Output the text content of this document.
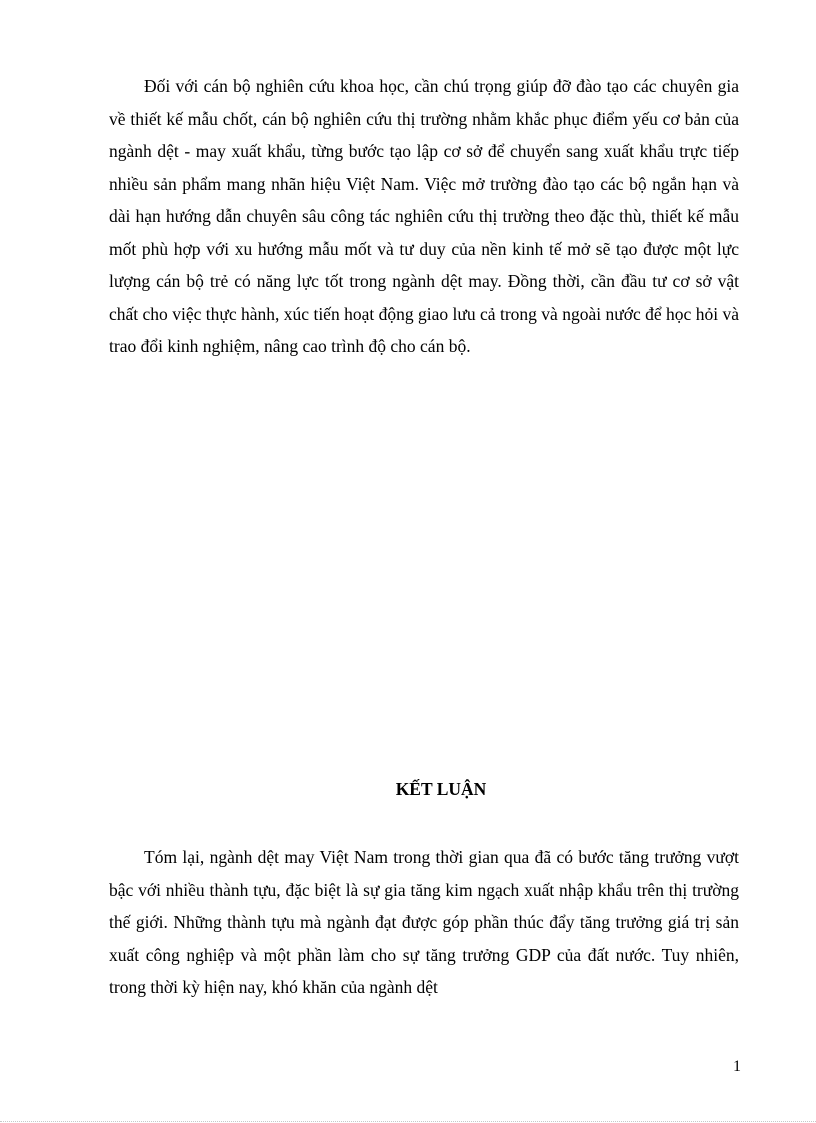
Đối với cán bộ nghiên cứu khoa học, cần chú trọng giúp đỡ đào tạo các chuyên gia về thiết kế mẫu chốt, cán bộ nghiên cứu thị trường nhằm khắc phục điểm yếu cơ bản của ngành dệt - may xuất khẩu, từng bước tạo lập cơ sở để chuyển sang xuất khẩu trực tiếp nhiều sản phẩm mang nhãn hiệu Việt Nam. Việc mở trường đào tạo các bộ ngắn hạn và dài hạn hướng dẫn chuyên sâu công tác nghiên cứu thị trường theo đặc thù, thiết kế mẫu mốt phù hợp với xu hướng mẫu mốt và tư duy của nền kinh tế mở sẽ tạo được một lực lượng cán bộ trẻ có năng lực tốt trong ngành dệt may. Đồng thời, cần đầu tư cơ sở vật chất cho việc thực hành, xúc tiến hoạt động giao lưu cả trong và ngoài nước để học hỏi và trao đổi kinh nghiệm, nâng cao trình độ cho cán bộ.

KẾT LUẬN

Tóm lại, ngành dệt may Việt Nam trong thời gian qua đã có bước tăng trưởng vượt bậc với nhiều thành tựu, đặc biệt là sự gia tăng kim ngạch xuất nhập khẩu trên thị trường thế giới. Những thành tựu mà ngành đạt được góp phần thúc đẩy tăng trưởng giá trị sản xuất công nghiệp và một phần làm cho sự tăng trưởng GDP của đất nước. Tuy nhiên, trong thời kỳ hiện nay, khó khăn của ngành dệt

1
